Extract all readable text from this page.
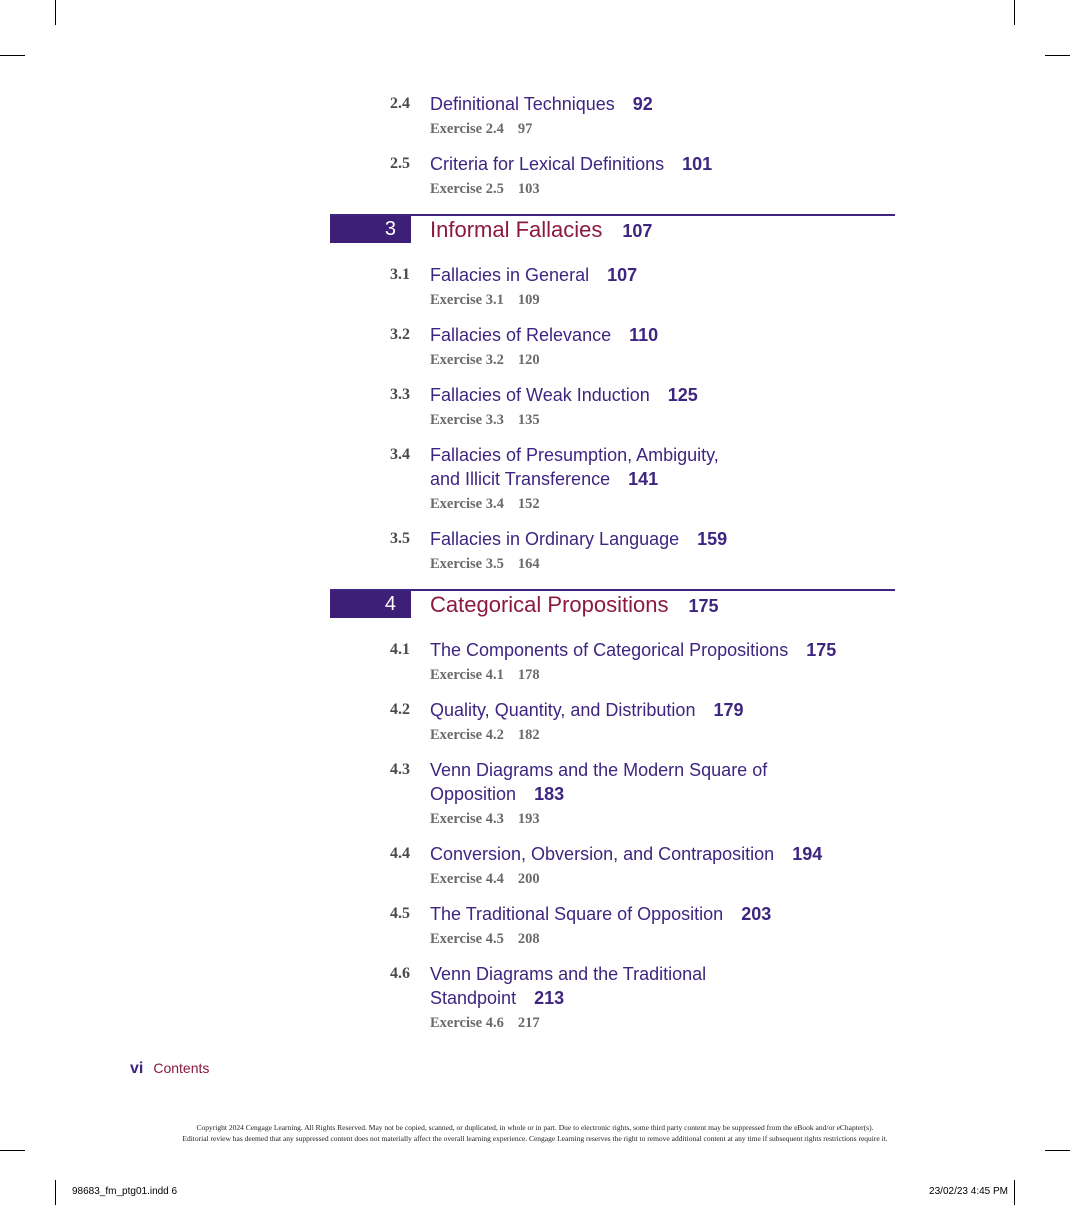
2.4	Definitional Techniques 92
Exercise 2.4 97
2.5	Criteria for Lexical Definitions 101
Exercise 2.5 103
3	Informal Fallacies 107
3.1	Fallacies in General 107
Exercise 3.1 109
3.2	Fallacies of Relevance 110
Exercise 3.2 120
3.3	Fallacies of Weak Induction 125
Exercise 3.3 135
3.4	Fallacies of Presumption, Ambiguity,
and Illicit Transference 141
Exercise 3.4 152
3.5	Fallacies in Ordinary Language 159
Exercise 3.5 164
4	Categorical Propositions 175
4.1	The Components of Categorical Propositions 175
Exercise 4.1 178
4.2	Quality, Quantity, and Distribution 179
Exercise 4.2 182
4.3	Venn Diagrams and the Modern Square of
Opposition 183
Exercise 4.3 193
4.4	Conversion, Obversion, and Contraposition 194
Exercise 4.4 200
4.5	The Traditional Square of Opposition 203
Exercise 4.5 208
4.6	Venn Diagrams and the Traditional
Standpoint 213
Exercise 4.6 217
vi Contents
Copyright 2024 Cengage Learning. All Rights Reserved. May not be copied, scanned, or duplicated, in whole or in part. Due to electronic rights, some third party content may be suppressed from the eBook and/or eChapter(s).
Editorial review has deemed that any suppressed content does not materially affect the overall learning experience. Cengage Learning reserves the right to remove additional content at any time if subsequent rights restrictions require it.
98683_fm_ptg01.indd 6	23/02/23 4:45 PM
